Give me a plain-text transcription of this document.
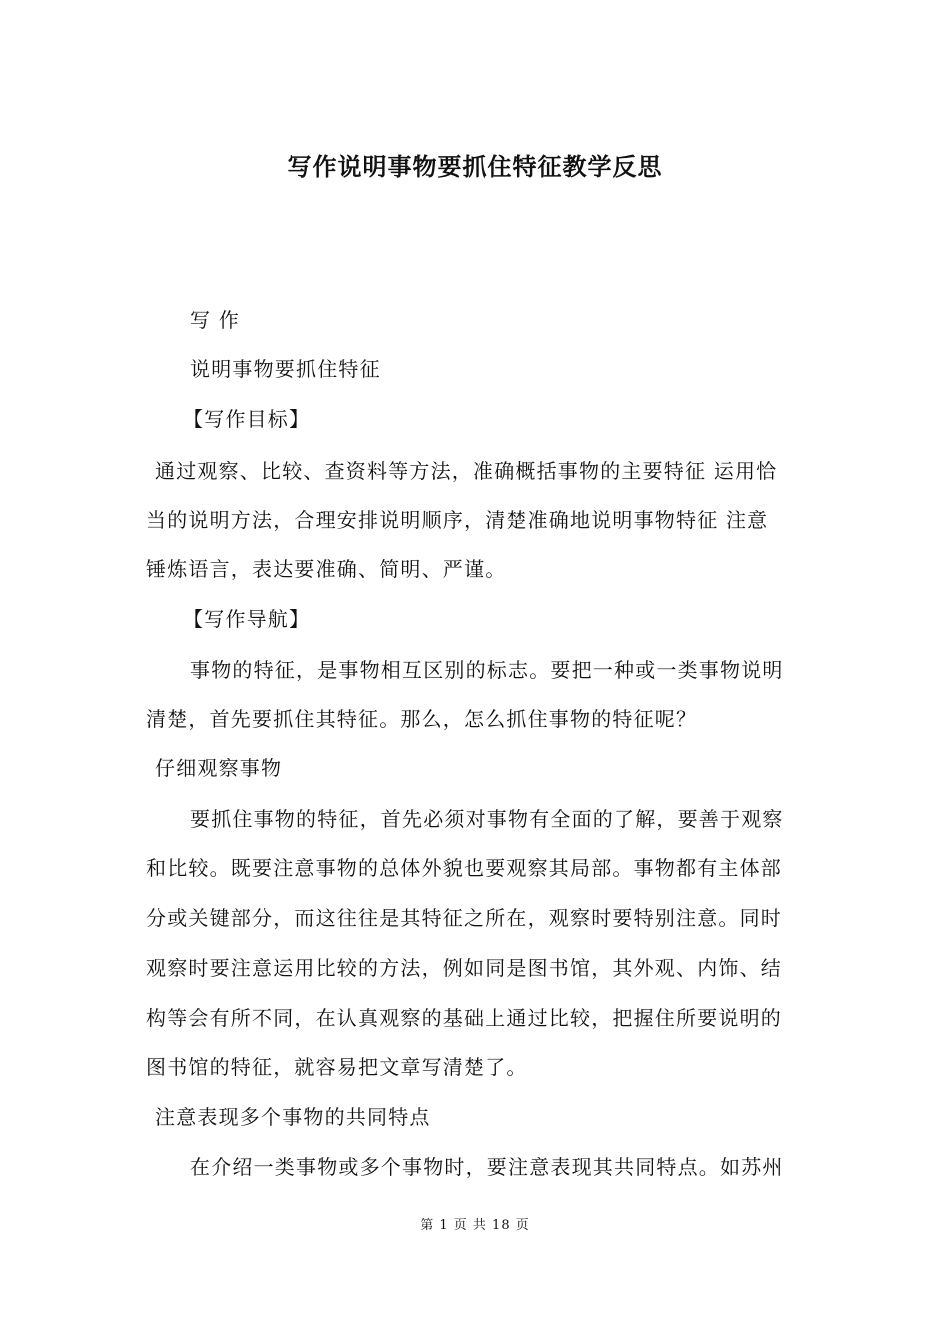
写作说明事物要抓住特征教学反思
写 作
说明事物要抓住特征
【写作目标】
通过观察、比较、查资料等方法，准确概括事物的主要特征 运用恰
当的说明方法，合理安排说明顺序，清楚准确地说明事物特征 注意
锤炼语言，表达要准确、简明、严谨。
【写作导航】
事物的特征，是事物相互区别的标志。要把一种或一类事物说明
清楚，首先要抓住其特征。那么，怎么抓住事物的特征呢？
仔细观察事物
要抓住事物的特征，首先必须对事物有全面的了解，要善于观察
和比较。既要注意事物的总体外貌也要观察其局部。事物都有主体部
分或关键部分，而这往往是其特征之所在，观察时要特别注意。同时
观察时要注意运用比较的方法，例如同是图书馆，其外观、内饰、结
构等会有所不同，在认真观察的基础上通过比较，把握住所要说明的
图书馆的特征，就容易把文章写清楚了。
注意表现多个事物的共同特点
在介绍一类事物或多个事物时，要注意表现其共同特点。如苏州
第 1 页 共 18 页
